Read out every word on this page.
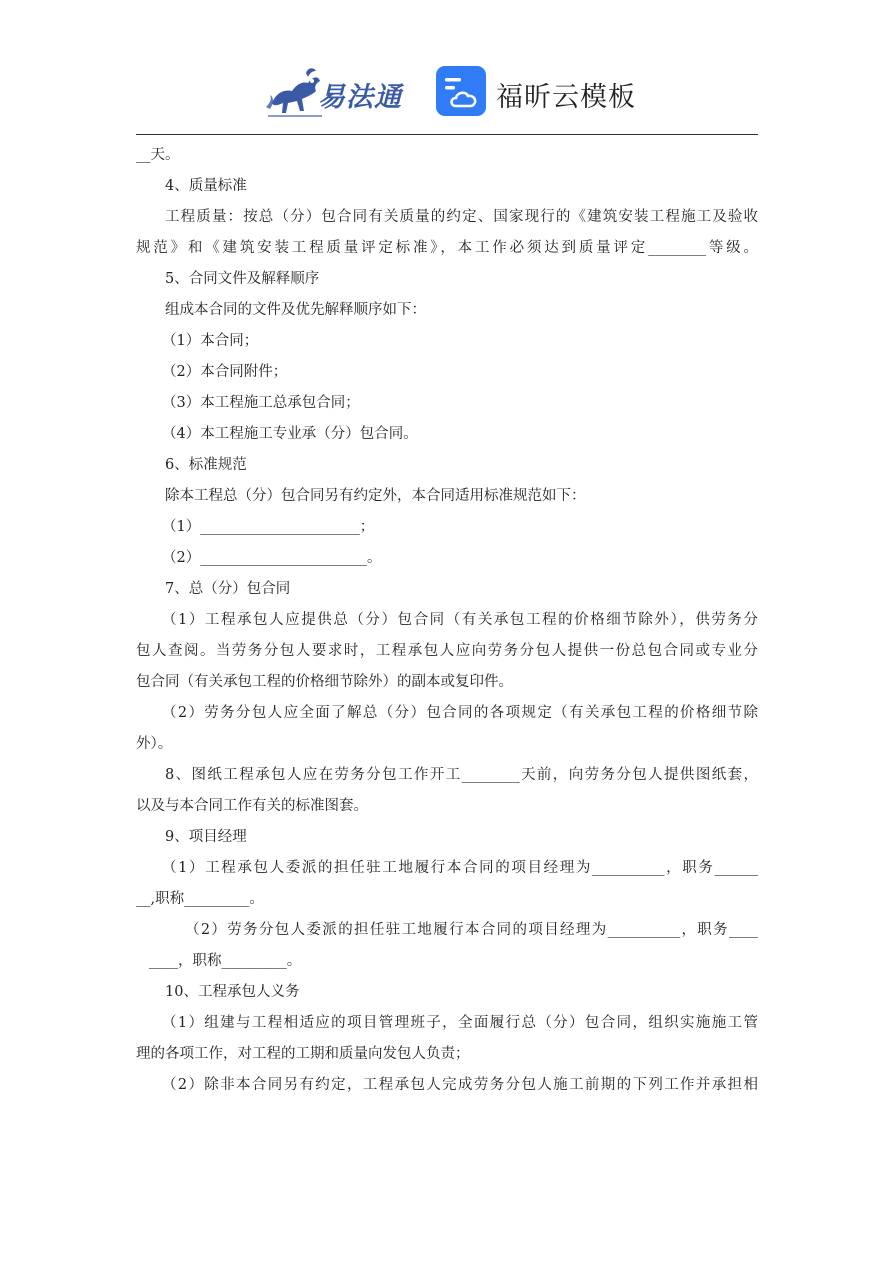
易法通	福昕云模板
__天。
4、质量标准
工程质量：按总（分）包合同有关质量的约定、国家现行的《建筑安装工程施工及验收
规范》和《建筑安装工程质量评定标准》，本工作必须达到质量评定________等级。
5、合同文件及解释顺序
组成本合同的文件及优先解释顺序如下：
（1）本合同；
（2）本合同附件；
（3）本工程施工总承包合同；
（4）本工程施工专业承（分）包合同。
6、标准规范
除本工程总（分）包合同另有约定外，本合同适用标准规范如下：
（1）______________________；
（2）_______________________。
7、总（分）包合同
（1）工程承包人应提供总（分）包合同（有关承包工程的价格细节除外），供劳务分
包人查阅。当劳务分包人要求时，工程承包人应向劳务分包人提供一份总包合同或专业分
包合同（有关承包工程的价格细节除外）的副本或复印件。
（2）劳务分包人应全面了解总（分）包合同的各项规定（有关承包工程的价格细节除
外）。
8、图纸工程承包人应在劳务分包工作开工________天前，向劳务分包人提供图纸套，
以及与本合同工作有关的标准图套。
9、项目经理
（1）工程承包人委派的担任驻工地履行本合同的项目经理为__________，职务______
__,职称_________。
（2）劳务分包人委派的担任驻工地履行本合同的项目经理为__________，职务____
____，职称_________。
10、工程承包人义务
（1）组建与工程相适应的项目管理班子，全面履行总（分）包合同，组织实施施工管
理的各项工作，对工程的工期和质量向发包人负责；
（2）除非本合同另有约定，工程承包人完成劳务分包人施工前期的下列工作并承担相
